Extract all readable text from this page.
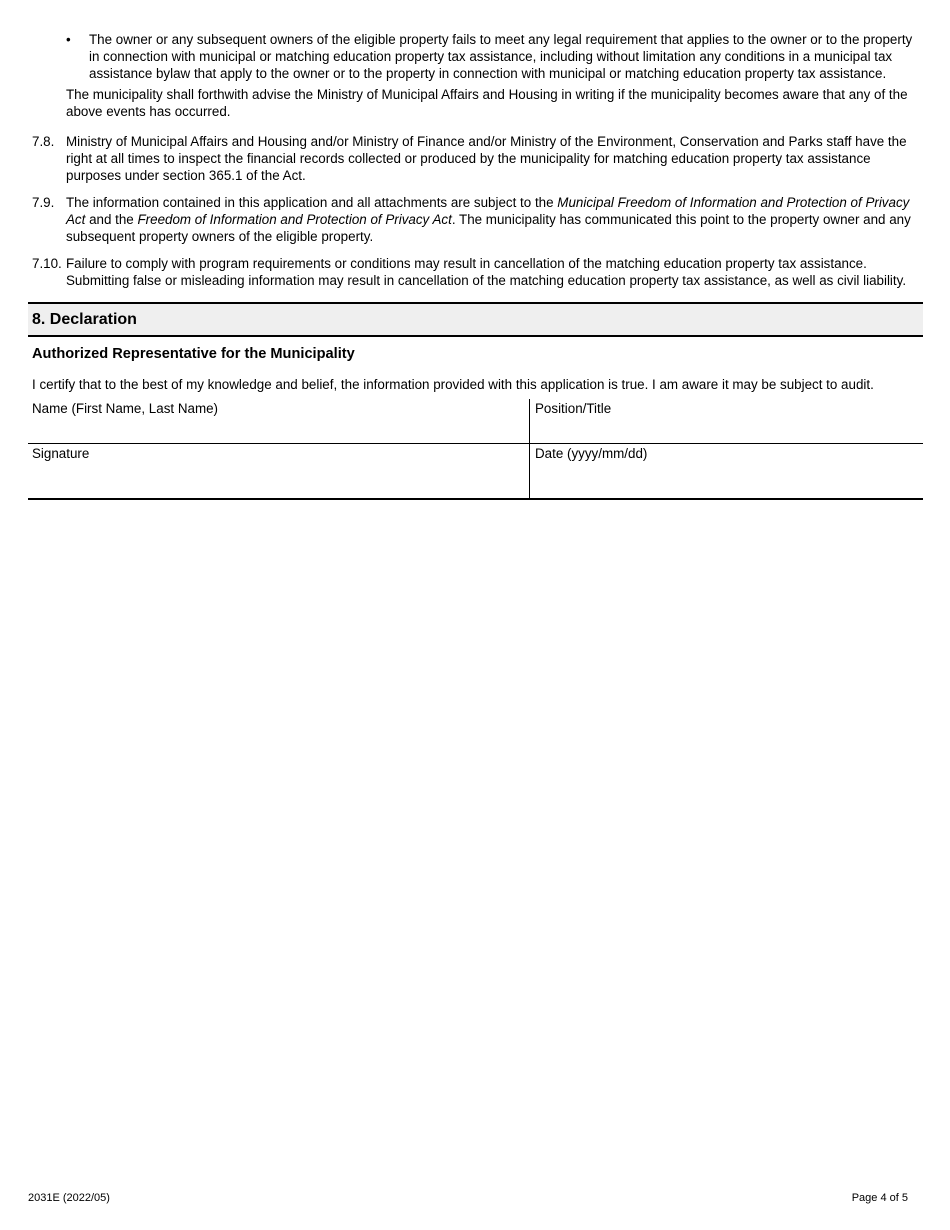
•	The owner or any subsequent owners of the eligible property fails to meet any legal requirement that applies to the owner or to the property in connection with municipal or matching education property tax assistance, including without limitation any conditions in a municipal tax assistance bylaw that apply to the owner or to the property in connection with municipal or matching education property tax assistance.

The municipality shall forthwith advise the Ministry of Municipal Affairs and Housing in writing if the municipality becomes aware that any of the above events has occurred.

7.8. Ministry of Municipal Affairs and Housing and/or Ministry of Finance and/or Ministry of the Environment, Conservation and Parks staff have the right at all times to inspect the financial records collected or produced by the municipality for matching education property tax assistance purposes under section 365.1 of the Act.
7.9. The information contained in this application and all attachments are subject to the Municipal Freedom of Information and Protection of Privacy Act and the Freedom of Information and Protection of Privacy Act. The municipality has communicated this point to the property owner and any subsequent property owners of the eligible property.
7.10. Failure to comply with program requirements or conditions may result in cancellation of the matching education property tax assistance. Submitting false or misleading information may result in cancellation of the matching education property tax assistance, as well as civil liability.
8. Declaration
Authorized Representative for the Municipality
I certify that to the best of my knowledge and belief, the information provided with this application is true. I am aware it may be subject to audit.
Name (First Name, Last Name)	Position/Title
Signature	Date (yyyy/mm/dd)
2031E (2022/05)	Page 4 of 5
